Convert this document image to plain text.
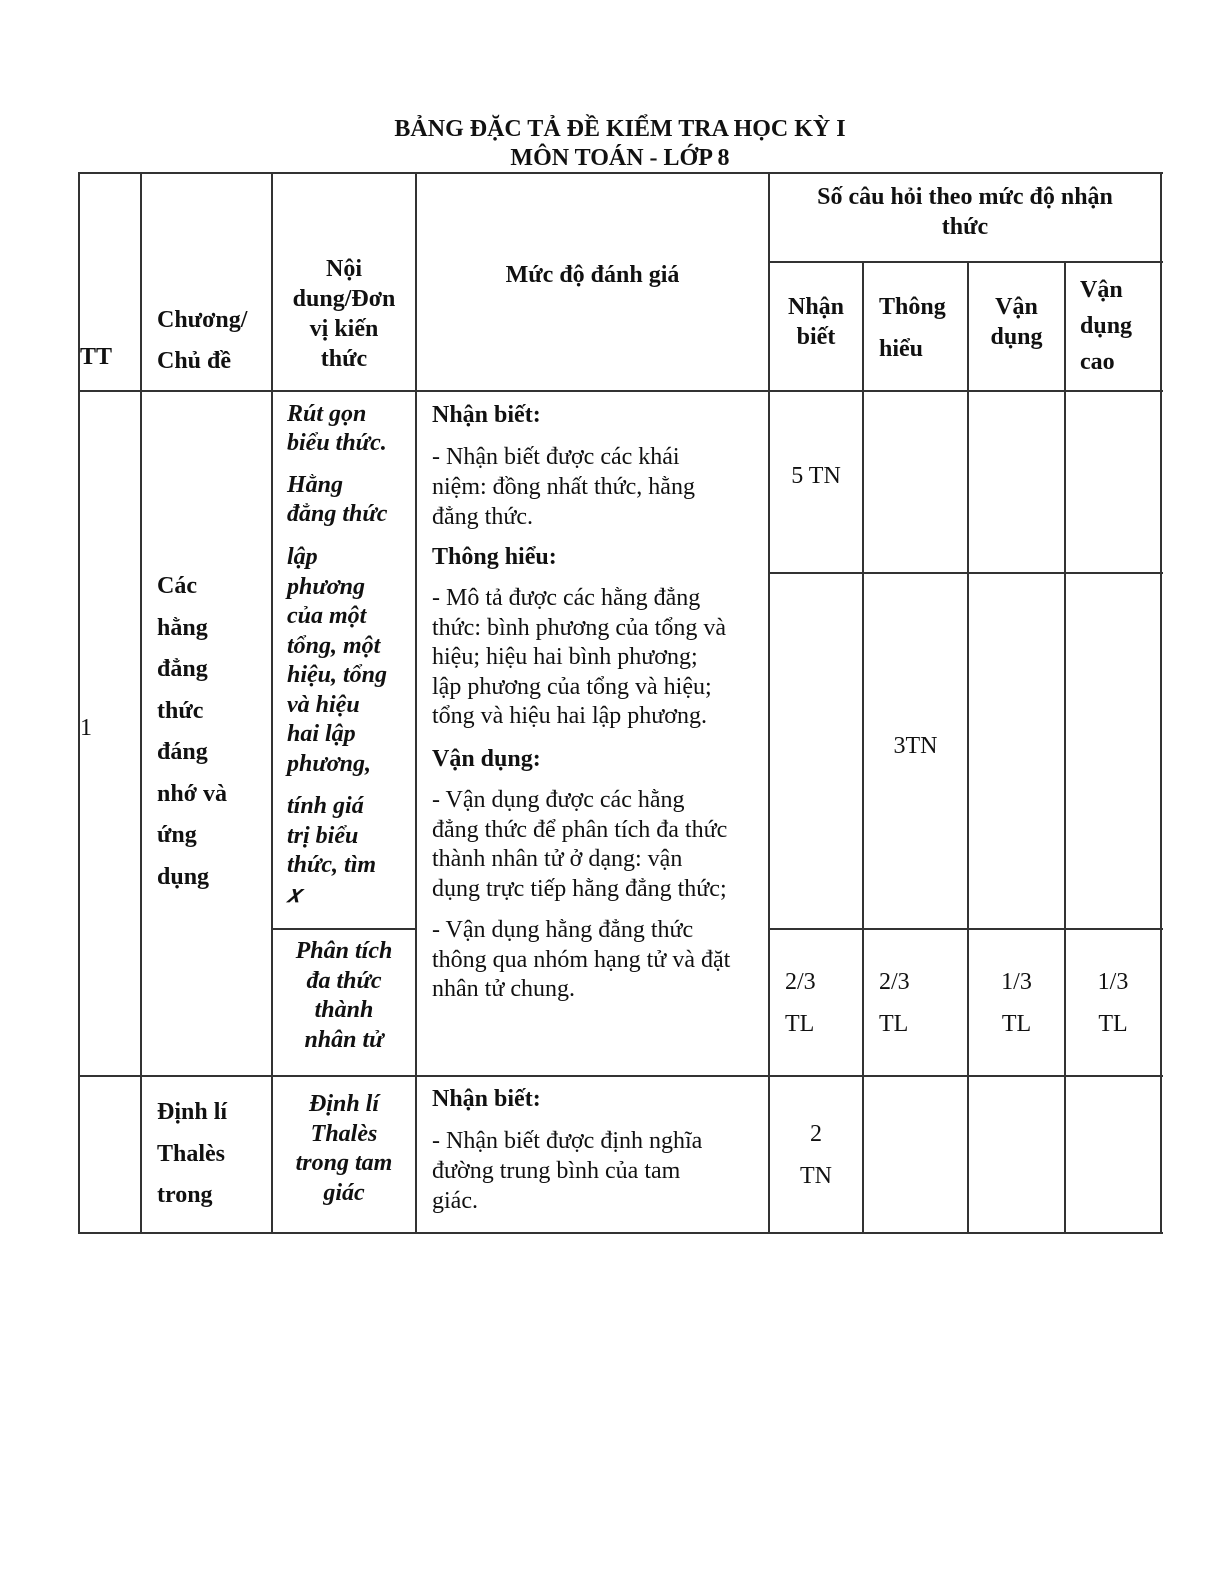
BẢNG ĐẶC TẢ ĐỀ KIỂM TRA HỌC KỲ I
MÔN TOÁN - LỚP 8
TT
Chương/
Chủ đề
Nội
dung/Đơn
vị kiến
thức
Mức độ đánh giá
Số câu hỏi theo mức độ nhận
thức
Nhận
biết
Thông
hiểu
Vận
dụng
Vận
dụng
cao
1
Các
hằng
đẳng
thức
đáng
nhớ và
ứng
dụng
Rút gọn
biểu thức.
Hằng
đẳng thức
lập
phương
của một
tổng, một
hiệu, tổng
và hiệu
hai lập
phương,
tính giá
trị biểu
thức, tìm
𝑥
Phân tích
đa thức
thành
nhân tử
Nhận biết:
- Nhận biết được các khái
niệm: đồng nhất thức, hằng
đẳng thức.
Thông hiểu:
- Mô tả được các hằng đẳng
thức: bình phương của tổng và
hiệu; hiệu hai bình phương;
lập phương của tổng và hiệu;
tổng và hiệu hai lập phương.
Vận dụng:
- Vận dụng được các hằng
đẳng thức để phân tích đa thức
thành nhân tử ở dạng: vận
dụng trực tiếp hằng đẳng thức;
- Vận dụng hằng đẳng thức
thông qua nhóm hạng tử và đặt
nhân tử chung.
5 TN
3TN
2/3
TL
2/3
TL
1/3
TL
1/3
TL
Định lí
Thalès
trong
Định lí
Thalès
trong tam
giác
Nhận biết:
- Nhận biết được định nghĩa
đường trung bình của tam
giác.
2
TN
